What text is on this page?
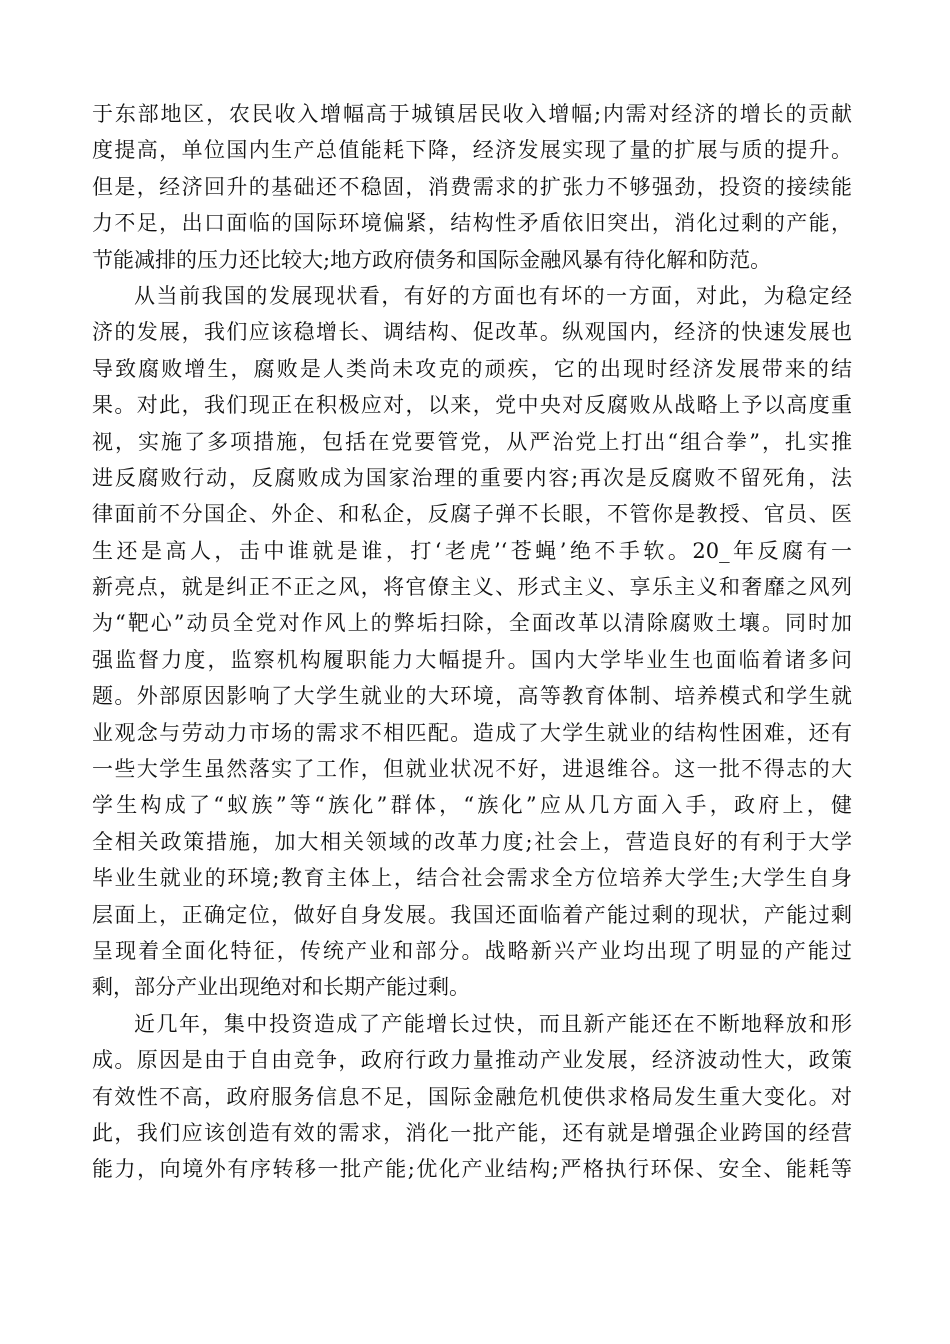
于东部地区，农民收入增幅高于城镇居民收入增幅;内需对经济的增长的贡献
度提高，单位国内生产总值能耗下降，经济发展实现了量的扩展与质的提升。
但是，经济回升的基础还不稳固，消费需求的扩张力不够强劲，投资的接续能
力不足，出口面临的国际环境偏紧，结构性矛盾依旧突出，消化过剩的产能，
节能减排的压力还比较大;地方政府债务和国际金融风暴有待化解和防范。
从当前我国的发展现状看，有好的方面也有坏的一方面，对此，为稳定经
济的发展，我们应该稳增长、调结构、促改革。纵观国内，经济的快速发展也
导致腐败增生，腐败是人类尚未攻克的顽疾，它的出现时经济发展带来的结
果。对此，我们现正在积极应对，以来，党中央对反腐败从战略上予以高度重
视，实施了多项措施，包括在党要管党，从严治党上打出“组合拳”，扎实推
进反腐败行动，反腐败成为国家治理的重要内容;再次是反腐败不留死角，法
律面前不分国企、外企、和私企，反腐子弹不长眼，不管你是教授、官员、医
生还是高人，击中谁就是谁，打‘老虎’‘苍蝇’绝不手软。20_年反腐有一
新亮点，就是纠正不正之风，将官僚主义、形式主义、享乐主义和奢靡之风列
为“靶心”动员全党对作风上的弊垢扫除，全面改革以清除腐败土壤。同时加
强监督力度，监察机构履职能力大幅提升。国内大学毕业生也面临着诸多问
题。外部原因影响了大学生就业的大环境，高等教育体制、培养模式和学生就
业观念与劳动力市场的需求不相匹配。造成了大学生就业的结构性困难，还有
一些大学生虽然落实了工作，但就业状况不好，进退维谷。这一批不得志的大
学生构成了“蚁族”等“族化”群体，“族化”应从几方面入手，政府上，健
全相关政策措施，加大相关领域的改革力度;社会上，营造良好的有利于大学
毕业生就业的环境;教育主体上，结合社会需求全方位培养大学生;大学生自身
层面上，正确定位，做好自身发展。我国还面临着产能过剩的现状，产能过剩
呈现着全面化特征，传统产业和部分。战略新兴产业均出现了明显的产能过
剩，部分产业出现绝对和长期产能过剩。
近几年，集中投资造成了产能增长过快，而且新产能还在不断地释放和形
成。原因是由于自由竞争，政府行政力量推动产业发展，经济波动性大，政策
有效性不高，政府服务信息不足，国际金融危机使供求格局发生重大变化。对
此，我们应该创造有效的需求，消化一批产能，还有就是增强企业跨国的经营
能力，向境外有序转移一批产能;优化产业结构;严格执行环保、安全、能耗等
